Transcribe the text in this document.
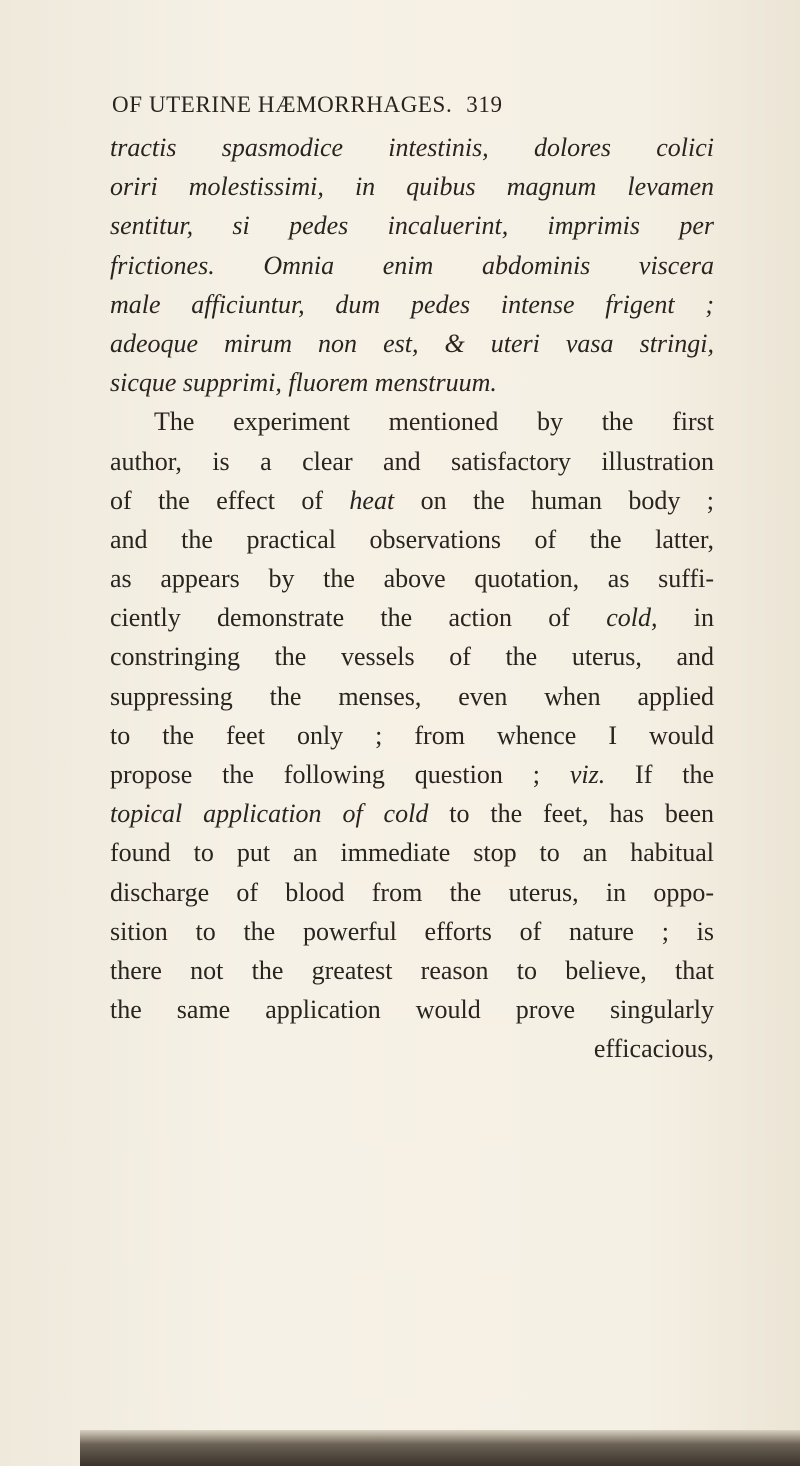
OF UTERINE HÆMORRHAGES. 319
tractis spasmodice intestinis, dolores colici
oriri molestissimi, in quibus magnum levamen
sentitur, si pedes incaluerint, imprimis per
frictiones. Omnia enim abdominis viscera
male afficiuntur, dum pedes intense frigent ;
adeoque mirum non est, & uteri vasa stringi,
sicque supprimi, fluorem menstruum.
The experiment mentioned by the first
author, is a clear and satisfactory illustration
of the effect of heat on the human body ;
and the practical observations of the latter,
as appears by the above quotation, as suffi-
ciently demonstrate the action of cold, in
constringing the vessels of the uterus, and
suppressing the menses, even when applied
to the feet only ; from whence I would
propose the following question ; viz. If the
topical application of cold to the feet, has been
found to put an immediate stop to an habitual
discharge of blood from the uterus, in oppo-
sition to the powerful efforts of nature ; is
there not the greatest reason to believe, that
the same application would prove singularly
efficacious,
